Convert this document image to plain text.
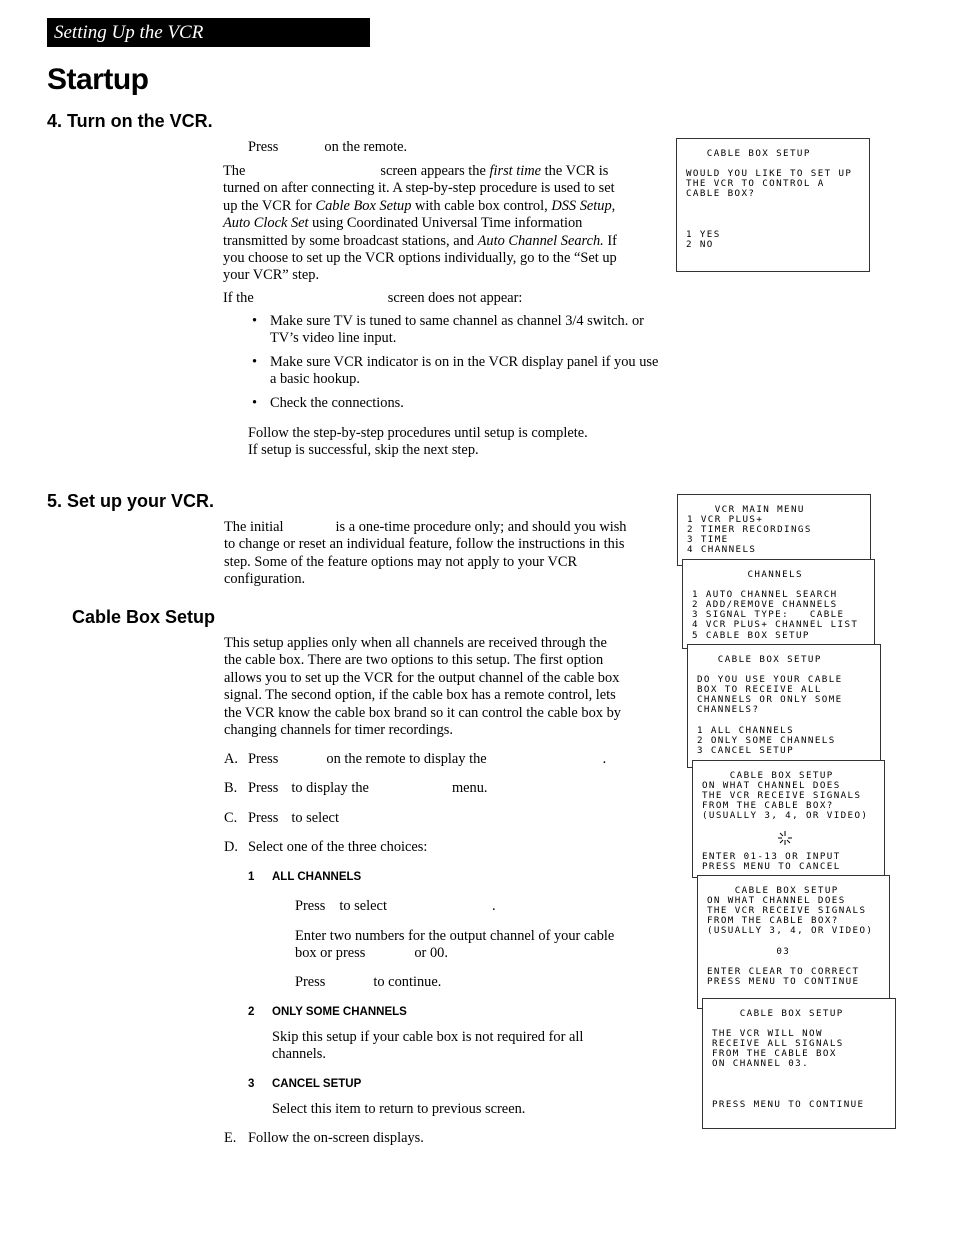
Setting Up the VCR
Startup
4. Turn on the VCR.
Press	on the remote.
The	screen appears the first time the VCR is
turned on after connecting it. A step-by-step procedure is used to set
up the VCR for Cable Box Setup with cable box control, DSS Setup,
Auto Clock Set using Coordinated Universal Time information
transmitted by some broadcast stations, and Auto Channel Search. If
you choose to set up the VCR options individually, go to the “Set up
your VCR” step.
If the	screen does not appear:
• Make sure TV is tuned to same channel as channel 3/4 switch. or TV’s video line input.
• Make sure VCR indicator is on in the VCR display panel if you use a basic hookup.
• Check the connections.
Follow the step-by-step procedures until setup is complete.
If setup is successful, skip the next step.
5. Set up your VCR.
The initial	is a one-time procedure only; and should you wish
to change or reset an individual feature, follow the instructions in this
step. Some of the feature options may not apply to your VCR
configuration.
Cable Box Setup
This setup applies only when all channels are received through the
the cable box. There are two options to this setup. The first option
allows you to set up the VCR for the output channel of the cable box
signal. The second option, if the cable box has a remote control, lets
the VCR know the cable box brand so it can control the cable box by
changing channels for timer recordings.
A. Press	on the remote to display the	.
B. Press to display the	menu.
C. Press to select
D. Select one of the three choices:
1 ALL CHANNELS
Press to select	.
Enter two numbers for the output channel of your cable
box or press	or 00.
Press	to continue.
2 ONLY SOME CHANNELS
Skip this setup if your cable box is not required for all
channels.
3 CANCEL SETUP
Select this item to return to previous screen.
E. Follow the on-screen displays.
CABLE BOX SETUP
WOULD YOU LIKE TO SET UP
THE VCR TO CONTROL A
CABLE BOX?
1 YES
2 NO
VCR MAIN MENU
1 VCR PLUS+
2 TIMER RECORDINGS
3 TIME
4 CHANNELS
CHANNELS
1 AUTO CHANNEL SEARCH
2 ADD/REMOVE CHANNELS
3 SIGNAL TYPE:   CABLE
4 VCR PLUS+ CHANNEL LIST
5 CABLE BOX SETUP
CABLE BOX SETUP
DO YOU USE YOUR CABLE
BOX TO RECEIVE ALL
CHANNELS OR ONLY SOME
CHANNELS?
1 ALL CHANNELS
2 ONLY SOME CHANNELS
3 CANCEL SETUP
CABLE BOX SETUP
ON WHAT CHANNEL DOES
THE VCR RECEIVE SIGNALS
FROM THE CABLE BOX?
(USUALLY 3, 4, OR VIDEO)
ENTER 01-13 OR INPUT
PRESS MENU TO CANCEL
CABLE BOX SETUP
ON WHAT CHANNEL DOES
THE VCR RECEIVE SIGNALS
FROM THE CABLE BOX?
(USUALLY 3, 4, OR VIDEO)
03
ENTER CLEAR TO CORRECT
PRESS MENU TO CONTINUE
CABLE BOX SETUP
THE VCR WILL NOW
RECEIVE ALL SIGNALS
FROM THE CABLE BOX
ON CHANNEL 03.
PRESS MENU TO CONTINUE
